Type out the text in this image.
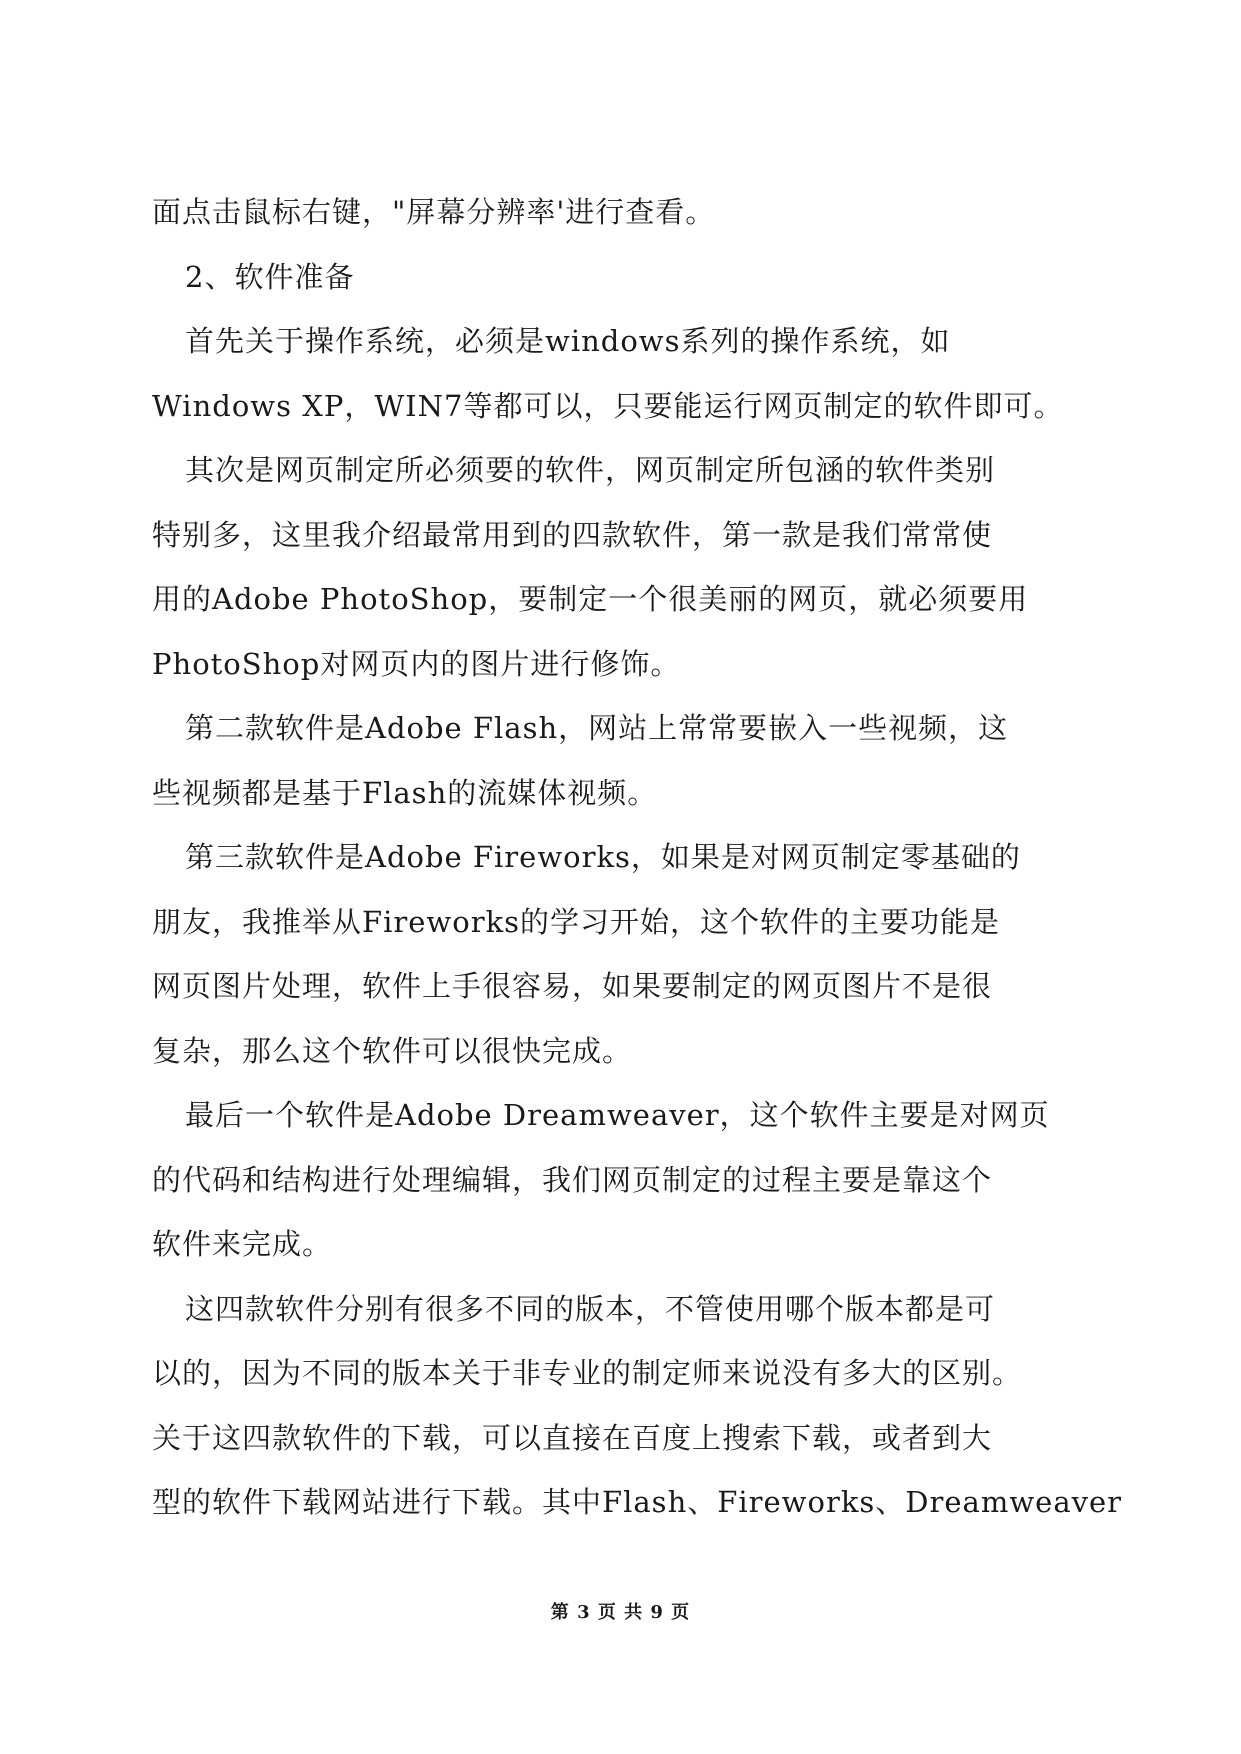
面点击鼠标右键，"屏幕分辨率'进行查看。
2、软件准备
首先关于操作系统，必须是windows系列的操作系统，如
Windows XP，WIN7等都可以，只要能运行网页制定的软件即可。
其次是网页制定所必须要的软件，网页制定所包涵的软件类别
特别多，这里我介绍最常用到的四款软件，第一款是我们常常使
用的Adobe PhotoShop，要制定一个很美丽的网页，就必须要用
PhotoShop对网页内的图片进行修饰。
第二款软件是Adobe Flash，网站上常常要嵌入一些视频，这
些视频都是基于Flash的流媒体视频。
第三款软件是Adobe Fireworks，如果是对网页制定零基础的
朋友，我推举从Fireworks的学习开始，这个软件的主要功能是
网页图片处理，软件上手很容易，如果要制定的网页图片不是很
复杂，那么这个软件可以很快完成。
最后一个软件是Adobe Dreamweaver，这个软件主要是对网页
的代码和结构进行处理编辑，我们网页制定的过程主要是靠这个
软件来完成。
这四款软件分别有很多不同的版本，不管使用哪个版本都是可
以的，因为不同的版本关于非专业的制定师来说没有多大的区别。
关于这四款软件的下载，可以直接在百度上搜索下载，或者到大
型的软件下载网站进行下载。其中Flash、Fireworks、Dreamweaver
第 3 页 共 9 页
